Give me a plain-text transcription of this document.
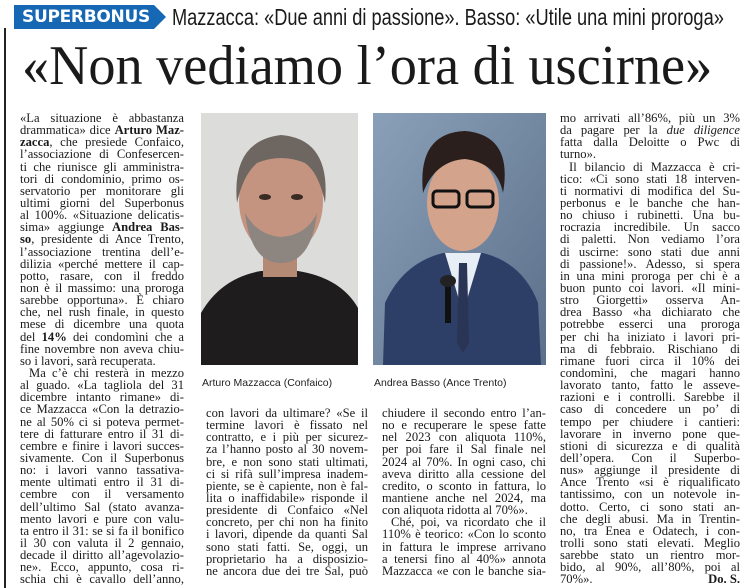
SUPERBONUS Mazzacca: «Due anni di passione». Basso: «Utile una mini proroga»
«Non vediamo l’ora di uscirne»
«La situazione è abbastanza
drammatica» dice Arturo Maz-
zacca, che presiede Confaico,
l’associazione di Confesercen-
ti che riunisce gli amministra-
tori di condominio, primo os-
servatorio per monitorare gli
ultimi giorni del Superbonus
al 100%. «Situazione delicatis-
sima» aggiunge Andrea Bas-
so, presidente di Ance Trento,
l’associazione trentina dell’e-
dilizia «perché mettere il cap-
potto, rasare, con il freddo
non è il massimo: una proroga
sarebbe opportuna». È chiaro
che, nel rush finale, in questo
mese di dicembre una quota
del 14% dei condomìni che a
fine novembre non aveva chiu-
so i lavori, sarà recuperata.
Ma c’è chi resterà in mezzo
al guado. «La tagliola del 31
dicembre intanto rimane» di-
ce Mazzacca «Con la detrazio-
ne al 50% ci si poteva permet-
tere di fatturare entro il 31 di-
cembre e finire i lavori succes-
sivamente. Con il Superbonus
no: i lavori vanno tassativa-
mente ultimati entro il 31 di-
cembre con il versamento
dell’ultimo Sal (stato avanza-
mento lavori e pure con valu-
ta entro il 31: se si fa il bonifico
il 30 con valuta il 2 gennaio,
decade il diritto all’agevolazio-
ne». Ecco, appunto, cosa ri-
schia chi è cavallo dell’anno,
Arturo Mazzacca (Confaico)	Andrea Basso (Ance Trento)
con lavori da ultimare? «Se il
termine lavori è fissato nel
contratto, e i più per sicurez-
za l’hanno posto al 30 novem-
bre, e non sono stati ultimati,
ci si rifà sull’impresa inadem-
piente, se è capiente, non è fal-
lita o inaffidabile» risponde il
presidente di Confaico «Nel
concreto, per chi non ha finito
i lavori, dipende da quanti Sal
sono stati fatti. Se, oggi, un
proprietario ha a disposizio-
ne ancora due dei tre Sal, può
chiudere il secondo entro l’an-
no e recuperare le spese fatte
nel 2023 con aliquota 110%,
per poi fare il Sal finale nel
2024 al 70%. In ogni caso, chi
aveva diritto alla cessione del
credito, o sconto in fattura, lo
mantiene anche nel 2024, ma
con aliquota ridotta al 70%».
Ché, poi, va ricordato che il
110% è teorico: «Con lo sconto
in fattura le imprese arrivano
a tenersi fino al 40%» annota
Mazzacca «e con le banche sia-
mo arrivati all’86%, più un 3%
da pagare per la due diligence
fatta dalla Deloitte o Pwc di
turno».
Il bilancio di Mazzacca è cri-
tico: «Ci sono stati 18 interven-
ti normativi di modifica del Su-
perbonus e le banche che han-
no chiuso i rubinetti. Una bu-
rocrazia incredibile. Un sacco
di paletti. Non vediamo l’ora
di uscirne: sono stati due anni
di passione!». Adesso, si spera
in una mini proroga per chi è a
buon punto coi lavori. «Il mini-
stro Giorgetti» osserva An-
drea Basso «ha dichiarato che
potrebbe esserci una proroga
per chi ha iniziato i lavori pri-
ma di febbraio. Rischiano di
rimane fuori circa il 10% dei
condomìni, che magari hanno
lavorato tanto, fatto le asseve-
razioni e i controlli. Sarebbe il
caso di concedere un po’ di
tempo per chiudere i cantieri:
lavorare in inverno pone que-
stioni di sicurezza e di qualità
dell’opera. Con il Superbo-
nus» aggiunge il presidente di
Ance Trento «si è riqualificato
tantissimo, con un notevole in-
dotto. Certo, ci sono stati an-
che degli abusi. Ma in Trentin-
no, tra Enea e Odatech, i con-
trolli sono stati elevati. Meglio
sarebbe stato un rientro mor-
bido, al 90%, all’80%, poi al
70%».	Do. S.
